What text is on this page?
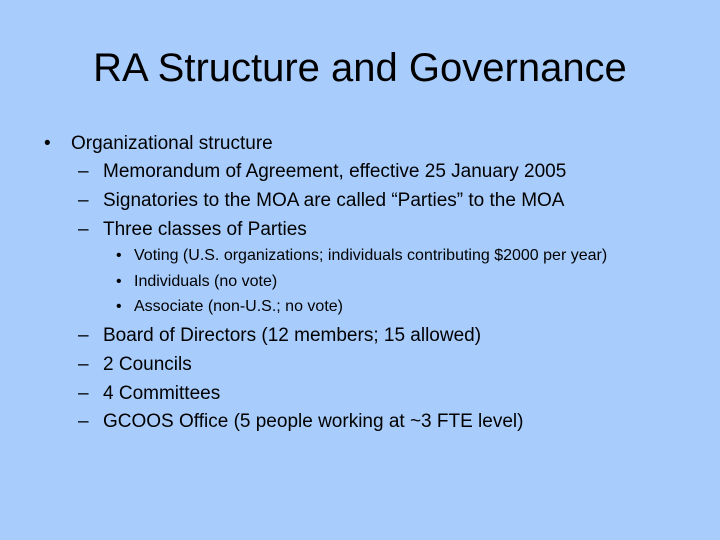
RA Structure and Governance
• Organizational structure
– Memorandum of Agreement, effective 25 January 2005
– Signatories to the MOA are called “Parties” to the MOA
– Three classes of Parties
• Voting (U.S. organizations; individuals contributing $2000 per year)
• Individuals (no vote)
• Associate (non-U.S.; no vote)
– Board of Directors (12 members; 15 allowed)
– 2 Councils
– 4 Committees
– GCOOS Office (5 people working at ~3 FTE level)
